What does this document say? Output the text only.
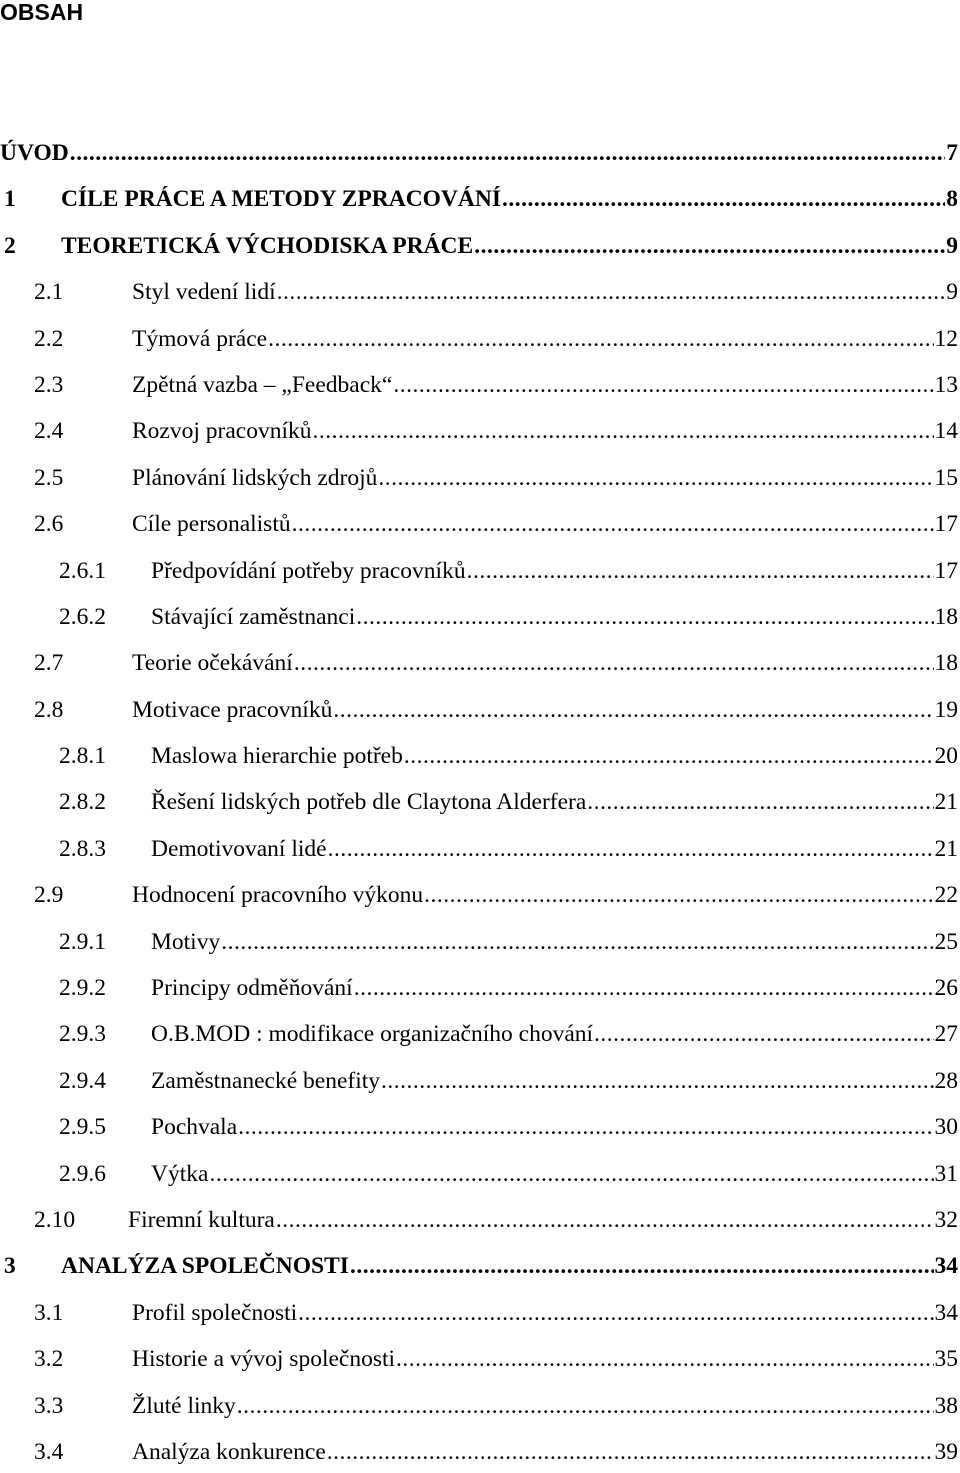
OBSAH
ÚVOD .....	7
1	CÍLE PRÁCE A METODY ZPRACOVÁNÍ .....	8
2	TEORETICKÁ VÝCHODISKA PRÁCE .....	9
2.1	Styl vedení lidí .....	9
2.2	Týmová práce .....	12
2.3	Zpětná vazba – „Feedback“ .....	13
2.4	Rozvoj pracovníků .....	14
2.5	Plánování lidských zdrojů .....	15
2.6	Cíle personalistů .....	17
2.6.1	Předpovídání potřeby pracovníků .....	17
2.6.2	Stávající zaměstnanci .....	18
2.7	Teorie očekávání .....	18
2.8	Motivace pracovníků .....	19
2.8.1	Maslowa hierarchie potřeb .....	20
2.8.2	Řešení lidských potřeb dle Claytona Alderfera .....	21
2.8.3	Demotivovaní lidé .....	21
2.9	Hodnocení pracovního výkonu .....	22
2.9.1	Motivy .....	25
2.9.2	Principy odměňování .....	26
2.9.3	O.B.MOD : modifikace organizačního chování .....	27
2.9.4	Zaměstnanecké benefity .....	28
2.9.5	Pochvala .....	30
2.9.6	Výtka .....	31
2.10	Firemní kultura .....	32
3	ANALÝZA SPOLEČNOSTI .....	34
3.1	Profil společnosti .....	34
3.2	Historie a vývoj společnosti .....	35
3.3	Žluté linky .....	38
3.4	Analýza konkurence .....	39
